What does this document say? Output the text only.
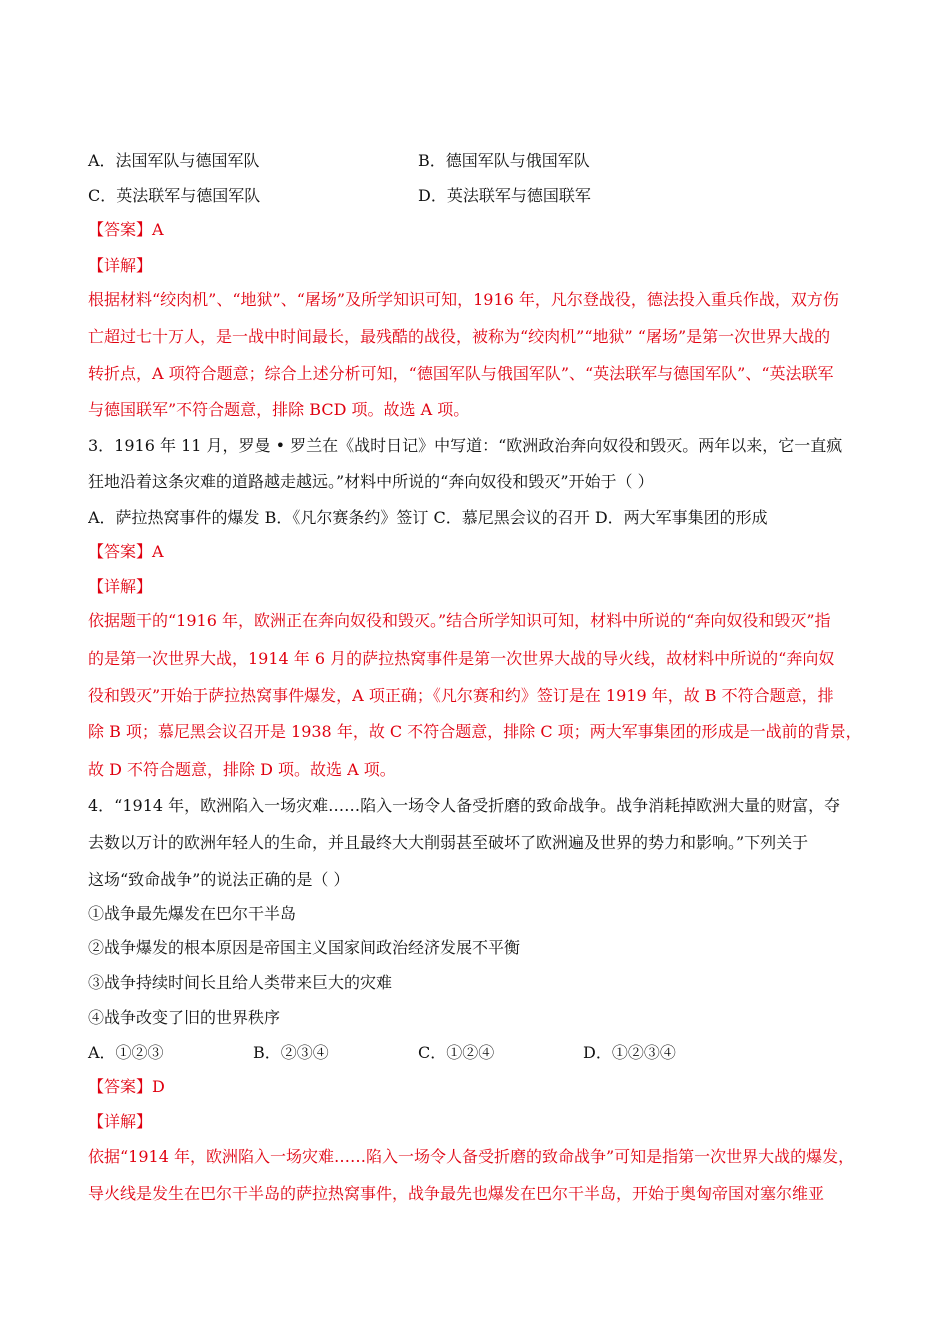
A．法国军队与德国军队	B．德国军队与俄国军队
C．英法联军与德国军队	D．英法联军与德国联军
【答案】A
【详解】
根据材料“绞肉机”、“地狱”、“屠场”及所学知识可知，1916 年，凡尔登战役，德法投入重兵作战，双方伤
亡超过七十万人，是一战中时间最长，最残酷的战役，被称为“绞肉机”“地狱” “屠场”是第一次世界大战的
转折点，A 项符合题意；综合上述分析可知，“德国军队与俄国军队”、“英法联军与德国军队”、“英法联军
与德国联军”不符合题意，排除 BCD 项。故选 A 项。
3．1916 年 11 月，罗曼 • 罗兰在《战时日记》中写道：“欧洲政治奔向奴役和毁灭。两年以来，它一直疯
狂地沿着这条灾难的道路越走越远。”材料中所说的“奔向奴役和毁灭”开始于（ ）
A．萨拉热窝事件的爆发 B．《凡尔赛条约》签订 C．慕尼黑会议的召开 D．两大军事集团的形成
【答案】A
【详解】
依据题干的“1916 年，欧洲正在奔向奴役和毁灭。”结合所学知识可知，材料中所说的“奔向奴役和毁灭”指
的是第一次世界大战，1914 年 6 月的萨拉热窝事件是第一次世界大战的导火线，故材料中所说的“奔向奴
役和毁灭”开始于萨拉热窝事件爆发，A 项正确；《凡尔赛和约》签订是在 1919 年，故 B 不符合题意，排
除 B 项；慕尼黑会议召开是 1938 年，故 C 不符合题意，排除 C 项；两大军事集团的形成是一战前的背景，
故 D 不符合题意，排除 D 项。故选 A 项。
4．“1914 年，欧洲陷入一场灾难……陷入一场令人备受折磨的致命战争。战争消耗掉欧洲大量的财富，夺
去数以万计的欧洲年轻人的生命，并且最终大大削弱甚至破坏了欧洲遍及世界的势力和影响。”下列关于
这场“致命战争”的说法正确的是（ ）
①战争最先爆发在巴尔干半岛
②战争爆发的根本原因是帝国主义国家间政治经济发展不平衡
③战争持续时间长且给人类带来巨大的灾难
④战争改变了旧的世界秩序
A．①②③	B．②③④	C．①②④	D．①②③④
【答案】D
【详解】
依据“1914 年，欧洲陷入一场灾难……陷入一场令人备受折磨的致命战争”可知是指第一次世界大战的爆发，
导火线是发生在巴尔干半岛的萨拉热窝事件，战争最先也爆发在巴尔干半岛，开始于奥匈帝国对塞尔维亚
